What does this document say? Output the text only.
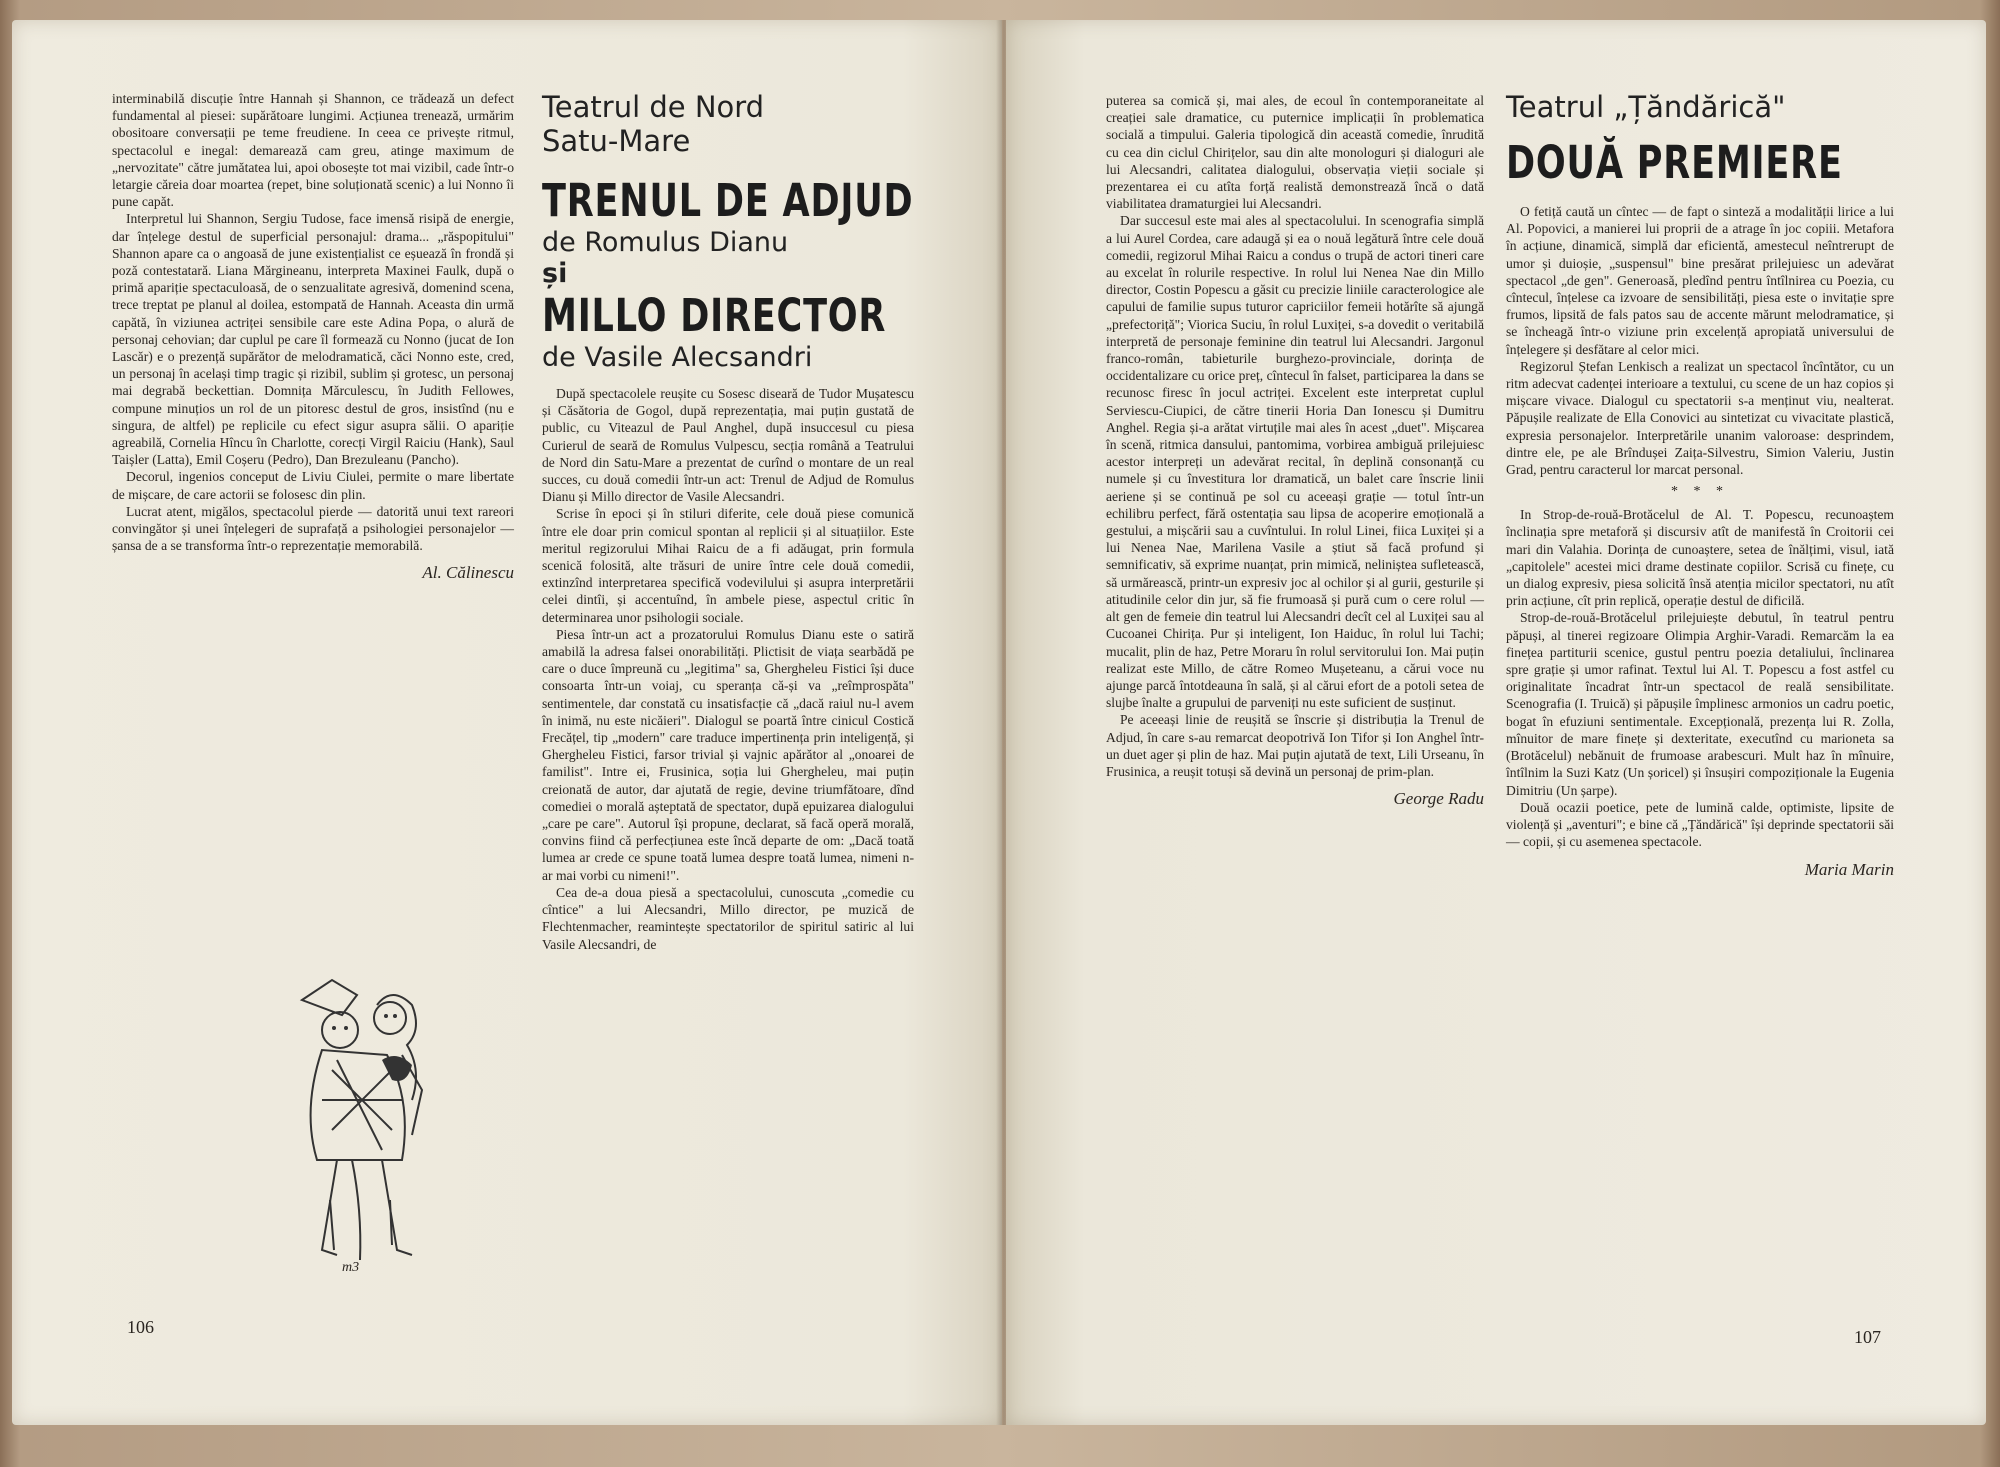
interminabilă discuție între Hannah și Shannon, ce trădează un defect fundamental al piesei: supărătoare lungimi. Acțiunea trenează, urmărim obositoare conversații pe teme freudiene. In ceea ce privește ritmul, spectacolul e inegal: demarează cam greu, atinge maximum de „nervozitate" către jumătatea lui, apoi obosește tot mai vizibil, cade într-o letargie căreia doar moartea (repet, bine soluționată scenic) a lui Nonno îi pune capăt.

Interpretul lui Shannon, Sergiu Tudose, face imensă risipă de energie, dar înțelege destul de superficial personajul: drama... „răspopitului" Shannon apare ca o angoasă de june existențialist ce eșuează în frondă și poză contestatară. Liana Mărgineanu, interpreta Maxinei Faulk, după o primă apariție spectaculoasă, de o senzualitate agresivă, domenind scena, trece treptat pe planul al doilea, estompată de Hannah. Aceasta din urmă capătă, în viziunea actriței sensibile care este Adina Popa, o alură de personaj cehovian; dar cuplul pe care îl formează cu Nonno (jucat de Ion Lascăr) e o prezență supărător de melodramatică, căci Nonno este, cred, un personaj în același timp tragic și rizibil, sublim și grotesc, un personaj mai degrabă beckettian. Domnița Mărculescu, în Judith Fellowes, compune minuțios un rol de un pitoresc destul de gros, insistînd (nu e singura, de altfel) pe replicile cu efect sigur asupra sălii. O apariție agreabilă, Cornelia Hîncu în Charlotte, corecți Virgil Raiciu (Hank), Saul Taișler (Latta), Emil Coșeru (Pedro), Dan Brezuleanu (Pancho).

Decorul, ingenios conceput de Liviu Ciulei, permite o mare libertate de mișcare, de care actorii se folosesc din plin.

Lucrat atent, migălos, spectacolul pierde — datorită unui text rareori convingător și unei înțelegeri de suprafață a psihologiei personajelor — șansa de a se transforma într-o reprezentație memorabilă.

Al. Călinescu
m3
106
Teatrul de Nord
Satu-Mare
TRENUL DE ADJUD
de Romulus Dianu
și
MILLO DIRECTOR
de Vasile Alecsandri

După spectacolele reușite cu Sosesc diseară de Tudor Mușatescu și Căsătoria de Gogol, după reprezentația, mai puțin gustată de public, cu Viteazul de Paul Anghel, după insuccesul cu piesa Curierul de seară de Romulus Vulpescu, secția română a Teatrului de Nord din Satu-Mare a prezentat de curînd o montare de un real succes, cu două comedii într-un act: Trenul de Adjud de Romulus Dianu și Millo director de Vasile Alecsandri.

Scrise în epoci și în stiluri diferite, cele două piese comunică între ele doar prin comicul spontan al replicii și al situațiilor. Este meritul regizorului Mihai Raicu de a fi adăugat, prin formula scenică folosită, alte trăsuri de unire între cele două comedii, extinzînd interpretarea specifică vodevilului și asupra interpretării celei dintîi, și accentuînd, în ambele piese, aspectul critic în determinarea unor psihologii sociale.

Piesa într-un act a prozatorului Romulus Dianu este o satiră amabilă la adresa falsei onorabilități. Plictisit de viața searbădă pe care o duce împreună cu „legitima" sa, Gherghelеu Fistici își duce consoarta într-un voiaj, cu speranța că-și va „reîmprospăta" sentimentele, dar constată cu insatisfacție că „dacă raiul nu-l avem în inimă, nu este nicăieri". Dialogul se poartă între cinicul Costică Frecățel, tip „modern" care traduce impertinența prin inteligență, și Gherghelеu Fistici, farsor trivial și vajnic apărător al „onoarei de familist". Intre ei, Frusinica, soția lui Gherghelеu, mai puțin creionată de autor, dar ajutată de regie, devine triumfătoare, dînd comediei o morală așteptată de spectator, după epuizarea dialogului „care pe care". Autorul își propune, declarat, să facă operă morală, convins fiind că perfecțiunea este încă departe de om: „Dacă toată lumea ar crede ce spune toată lumea despre toată lumea, nimeni n-ar mai vorbi cu nimeni!".

Cea de-a doua piesă a spectacolului, cunoscuta „comedie cu cîntice" a lui Alecsandri, Millo director, pe muzică de Flechtenmacher, reamintește spectatorilor de spiritul satiric al lui Vasile Alecsandri, de

puterea sa comică și, mai ales, de ecoul în contemporaneitate al creației sale dramatice, cu puternice implicații în problematica socială a timpului. Galeria tipologică din această comedie, înrudită cu cea din ciclul Chirițelor, sau din alte monologuri și dialoguri ale lui Alecsandri, calitatea dialogului, observația vieții sociale și prezentarea ei cu atîta forță realistă demonstrează încă o dată viabilitatea dramaturgiei lui Alecsandri.

Dar succesul este mai ales al spectacolului. In scenografia simplă a lui Aurel Cordea, care adaugă și ea o nouă legătură între cele două comedii, regizorul Mihai Raicu a condus o trupă de actori tineri care au excelat în rolurile respective. In rolul lui Nenea Nae din Millo director, Costin Popescu a găsit cu precizie liniile caracterologice ale capului de familie supus tuturor capriciilor femeii hotărîte să ajungă „prefectoriță"; Viorica Suciu, în rolul Luxiței, s-a dovedit o veritabilă interpretă de personaje feminine din teatrul lui Alecsandri. Jargonul franco-român, tabieturile burghezo-provinciale, dorința de occidentalizare cu orice preț, cîntecul în falset, participarea la dans se recunosc firesc în jocul actriței. Excelent este interpretat cuplul Serviescu-Ciupici, de către tinerii Horia Dan Ionescu și Dumitru Anghel. Regia și-a arătat virtuțile mai ales în acest „duet". Mișcarea în scenă, ritmica dansului, pantomima, vorbirea ambiguă prilejuiesc acestor interpreți un adevărat recital, în deplină consonanță cu numele și cu învestitura lor dramatică, un balet care înscrie linii aeriene și se continuă pe sol cu aceeași grație — totul într-un echilibru perfect, fără ostentația sau lipsa de acoperire emoțională a gestului, a mișcării sau a cuvîntului. In rolul Linei, fiica Luxiței și a lui Nenea Nae, Marilena Vasile a știut să facă profund și semnificativ, să exprime nuanțat, prin mimică, neliniștea sufletească, să urmărească, printr-un expresiv joc al ochilor și al gurii, gesturile și atitudinile celor din jur, să fie frumoasă și pură cum o cere rolul — alt gen de femeie din teatrul lui Alecsandri decît cel al Luxiței sau al Cucoanei Chirița. Pur și inteligent, Ion Haiduc, în rolul lui Tachi; mucalit, plin de haz, Petre Moraru în rolul servitorului Ion. Mai puțin realizat este Millo, de către Romeo Mușeteanu, a cărui voce nu ajunge parcă întotdeauna în sală, și al cărui efort de a potoli setea de slujbe înalte a grupului de parveniți nu este suficient de susținut.

Pe aceeași linie de reușită se înscrie și distribuția la Trenul de Adjud, în care s-au remarcat deopotrivă Ion Tifor și Ion Anghel într-un duet ager și plin de haz. Mai puțin ajutată de text, Lili Urseanu, în Frusinica, a reușit totuși să devină un personaj de prim-plan.

George Radu
Teatrul „Țăndărică"
DOUĂ PREMIERE

O fetiță caută un cîntec — de fapt o sinteză a modalității lirice a lui Al. Popovici, a manierei lui proprii de a atrage în joc copiii. Metafora în acțiune, dinamică, simplă dar eficientă, amestecul neîntrerupt de umor și duioșie, „suspensul" bine presărat prilejuiesc un adevărat spectacol „de gen". Generoasă, pledînd pentru întîlnirea cu Poezia, cu cîntecul, înțelese ca izvoare de sensibilități, piesa este o invitație spre frumos, lipsită de fals patos sau de accente mărunt melodramatice, și se încheagă într-o viziune prin excelență apropiată universului de înțelegere și desfătare al celor mici.

Regizorul Ștefan Lenkisch a realizat un spectacol încîntător, cu un ritm adecvat cadenței interioare a textului, cu scene de un haz copios și mișcare vivace. Dialogul cu spectatorii s-a menținut viu, nealterat. Păpușile realizate de Ella Conovici au sintetizat cu vivacitate plastică, expresia personajelor. Interpretările unanim valoroase: desprindem, dintre ele, pe ale Brîndușei Zaița-Silvestru, Simion Valeriu, Justin Grad, pentru caracterul lor marcat personal.

* * *

In Strop-de-rouă-Brotăcelul de Al. T. Popescu, recunoaștem înclinația spre metaforă și discursiv atît de manifestă în Croitorii cei mari din Valahia. Dorința de cunoaștere, setea de înălțimi, visul, iată „capitolele" acestei mici drame destinate copiilor. Scrisă cu finețe, cu un dialog expresiv, piesa solicită însă atenția micilor spectatori, nu atît prin acțiune, cît prin replică, operație destul de dificilă.

Strop-de-rouă-Brotăcelul prilejuiește debutul, în teatrul pentru păpuși, al tinerei regizoare Olimpia Arghir-Varadi. Remarcăm la ea finețea partiturii scenice, gustul pentru poezia detaliului, înclinarea spre grație și umor rafinat. Textul lui Al. T. Popescu a fost astfel cu originalitate încadrat într-un spectacol de reală sensibilitate. Scenografia (I. Truică) și păpușile împlinesc armonios un cadru poetic, bogat în efuziuni sentimentale. Excepțională, prezența lui R. Zolla, mînuitor de mare finețe și dexteritate, executînd cu marioneta sa (Brotăcelul) nebănuit de frumoase arabescuri. Mult haz în mînuire, întîlnim la Suzi Katz (Un șoricel) și însușiri compoziționale la Eugenia Dimitriu (Un șarpe).

Două ocazii poetice, pete de lumină calde, optimiste, lipsite de violență și „aventuri"; e bine că „Țăndărică" își deprinde spectatorii săi — copii, și cu asemenea spectacole.

Maria Marin
107
